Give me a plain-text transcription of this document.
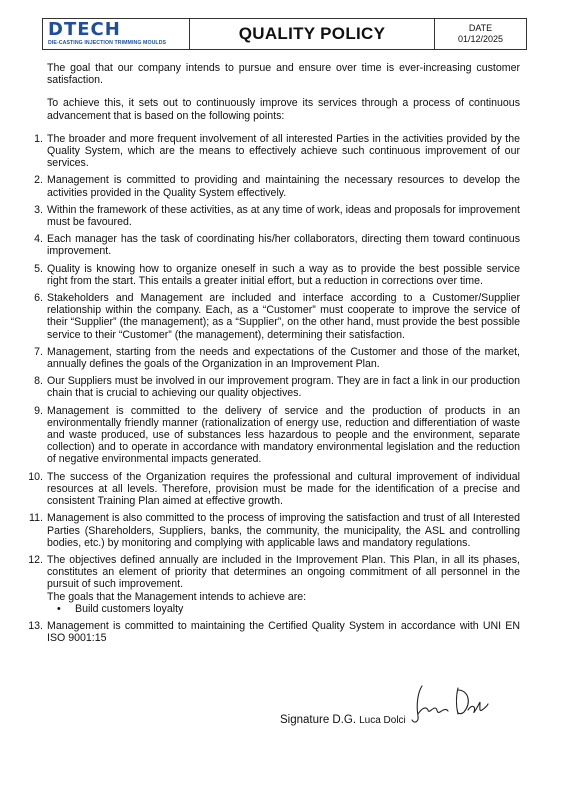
DTECH
DIE-CASTING INJECTION TRIMMING MOULDS	QUALITY POLICY	DATE
01/12/2025

The goal that our company intends to pursue and ensure over time is ever-increasing customer satisfaction.

To achieve this, it sets out to continuously improve its services through a process of continuous advancement that is based on the following points:

1. The broader and more frequent involvement of all interested Parties in the activities provided by the Quality System, which are the means to effectively achieve such continuous improvement of our services.
2. Management is committed to providing and maintaining the necessary resources to develop the activities provided in the Quality System effectively.
3. Within the framework of these activities, as at any time of work, ideas and proposals for improvement must be favoured.
4. Each manager has the task of coordinating his/her collaborators, directing them toward continuous improvement.
5. Quality is knowing how to organize oneself in such a way as to provide the best possible service right from the start. This entails a greater initial effort, but a reduction in corrections over time.
6. Stakeholders and Management are included and interface according to a Customer/Supplier relationship within the company. Each, as a “Customer” must cooperate to improve the service of their “Supplier” (the management); as a “Supplier”, on the other hand, must provide the best possible service to their “Customer” (the management), determining their satisfaction.
7. Management, starting from the needs and expectations of the Customer and those of the market, annually defines the goals of the Organization in an Improvement Plan.
8. Our Suppliers must be involved in our improvement program. They are in fact a link in our production chain that is crucial to achieving our quality objectives.
9. Management is committed to the delivery of service and the production of products in an environmentally friendly manner (rationalization of energy use, reduction and differentiation of waste and waste produced, use of substances less hazardous to people and the environment, separate collection) and to operate in accordance with mandatory environmental legislation and the reduction of negative environmental impacts generated.
10. The success of the Organization requires the professional and cultural improvement of individual resources at all levels. Therefore, provision must be made for the identification of a precise and consistent Training Plan aimed at effective growth.
11. Management is also committed to the process of improving the satisfaction and trust of all Interested Parties (Shareholders, Suppliers, banks, the community, the municipality, the ASL and controlling bodies, etc.) by monitoring and complying with applicable laws and mandatory regulations.
12. The objectives defined annually are included in the Improvement Plan. This Plan, in all its phases, constitutes an element of priority that determines an ongoing commitment of all personnel in the pursuit of such improvement.
The goals that the Management intends to achieve are:
•	Build customers loyalty
13. Management is committed to maintaining the Certified Quality System in accordance with UNI EN ISO 9001:15
Signature D.G. Luca Dolci
